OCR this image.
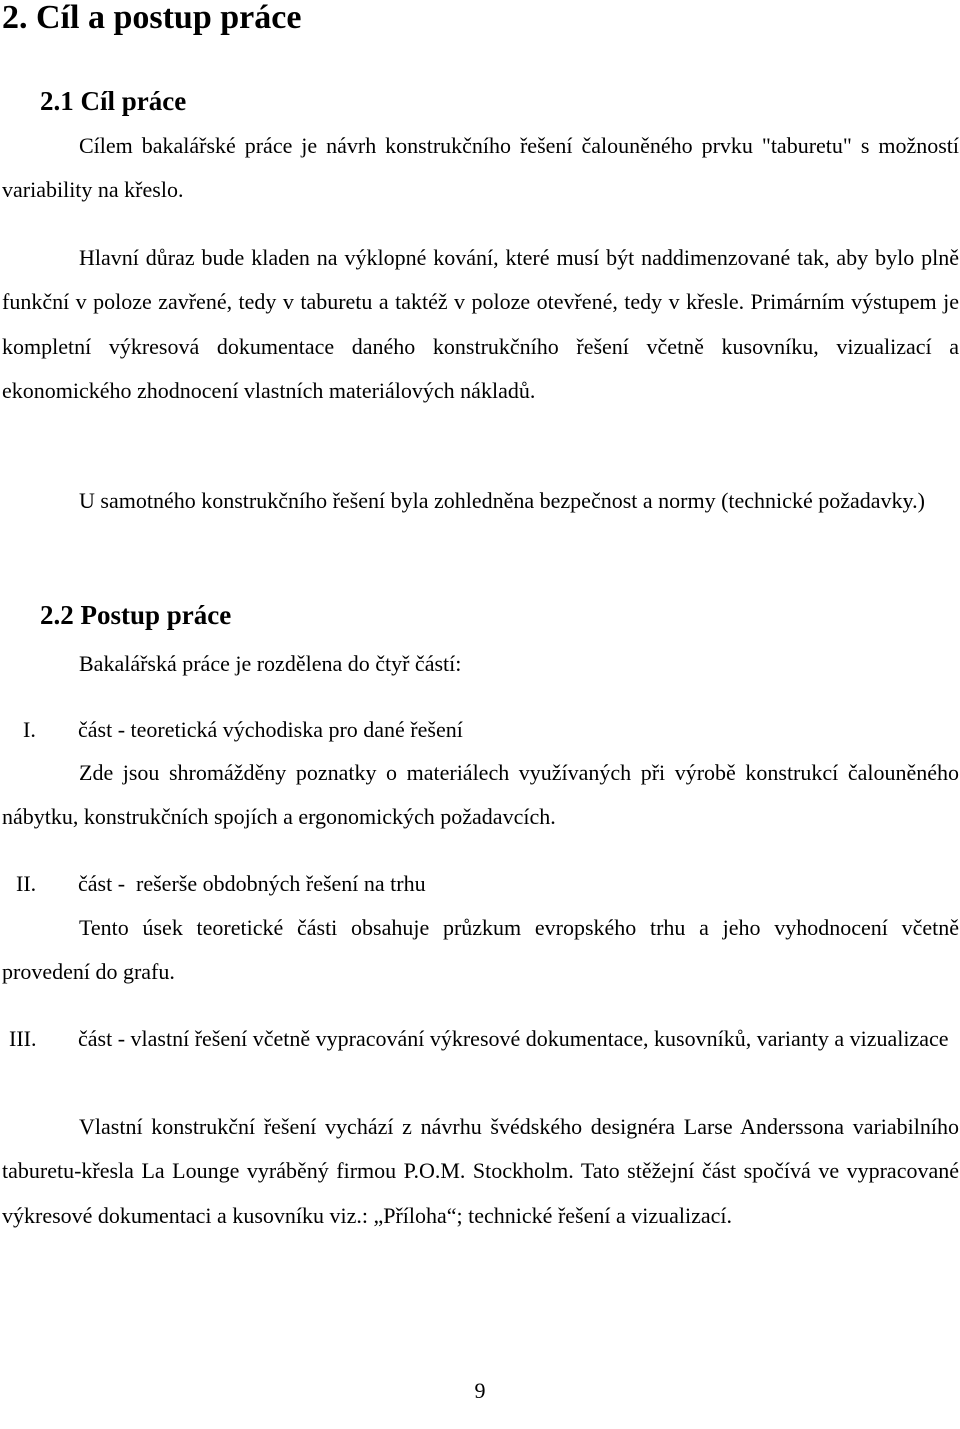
2. Cíl a postup práce
2.1 Cíl práce

Cílem bakalářské práce je návrh konstrukčního řešení čalouněného prvku "taburetu" s možností variability na křeslo.

Hlavní důraz bude kladen na výklopné kování, které musí být naddimenzované tak, aby bylo plně funkční v poloze zavřené, tedy v taburetu a taktéž v poloze otevřené, tedy v křesle. Primárním výstupem je kompletní výkresová dokumentace daného konstrukčního řešení včetně kusovníku, vizualizací a ekonomického zhodnocení vlastních materiálových nákladů.

U samotného konstrukčního řešení byla zohledněna bezpečnost a normy (technické požadavky.)

2.2 Postup práce

Bakalářská práce je rozdělena do čtyř částí:

I. část - teoretická východiska pro dané řešení

Zde jsou shromážděny poznatky o materiálech využívaných při výrobě konstrukcí čalouněného nábytku, konstrukčních spojích a ergonomických požadavcích.

II. část -  rešerše obdobných řešení na trhu

Tento úsek teoretické části obsahuje průzkum evropského trhu a jeho vyhodnocení včetně provedení do grafu.

III.	část - vlastní řešení včetně vypracování výkresové dokumentace, kusovníků, varianty a vizualizace

Vlastní konstrukční řešení vychází z návrhu švédského designéra Larse Anderssona variabilního taburetu-křesla La Lounge vyráběný firmou P.O.M. Stockholm. Tato stěžejní část spočívá ve vypracované výkresové dokumentaci a kusovníku viz.: „Příloha“; technické řešení a vizualizací.

9
